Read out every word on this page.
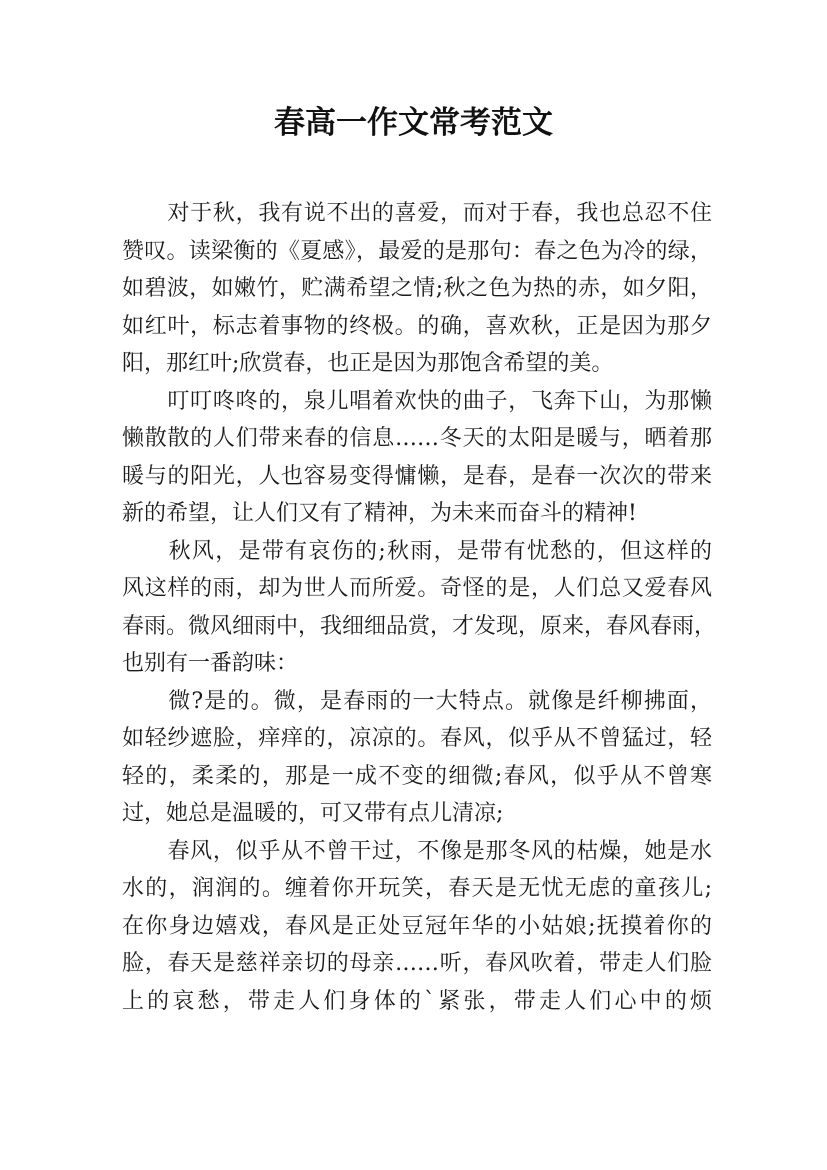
春高一作文常考范文

　　对于秋，我有说不出的喜爱，而对于春，我也总忍不住
赞叹。读梁衡的《夏感》，最爱的是那句：春之色为冷的绿，
如碧波，如嫩竹，贮满希望之情;秋之色为热的赤，如夕阳，
如红叶，标志着事物的终极。的确，喜欢秋，正是因为那夕
阳，那红叶;欣赏春，也正是因为那饱含希望的美。

　　叮叮咚咚的，泉儿唱着欢快的曲子，飞奔下山，为那懒
懒散散的人们带来春的信息……冬天的太阳是暖与，晒着那
暖与的阳光，人也容易变得慵懒，是春，是春一次次的带来
新的希望，让人们又有了精神，为未来而奋斗的精神!

　　秋风，是带有哀伤的;秋雨，是带有忧愁的，但这样的
风这样的雨，却为世人而所爱。奇怪的是，人们总又爱春风
春雨。微风细雨中，我细细品赏，才发现，原来，春风春雨，
也别有一番韵味：

　　微?是的。微，是春雨的一大特点。就像是纤柳拂面，
如轻纱遮脸，痒痒的，凉凉的。春风，似乎从不曾猛过，轻
轻的，柔柔的，那是一成不变的细微;春风，似乎从不曾寒
过，她总是温暖的，可又带有点儿清凉;

　　春风，似乎从不曾干过，不像是那冬风的枯燥，她是水
水的，润润的。缠着你开玩笑，春天是无忧无虑的童孩儿;
在你身边嬉戏，春风是正处豆冠年华的小姑娘;抚摸着你的
脸，春天是慈祥亲切的母亲……听，春风吹着，带走人们脸
上的哀愁，带走人们身体的`紧张，带走人们心中的烦
